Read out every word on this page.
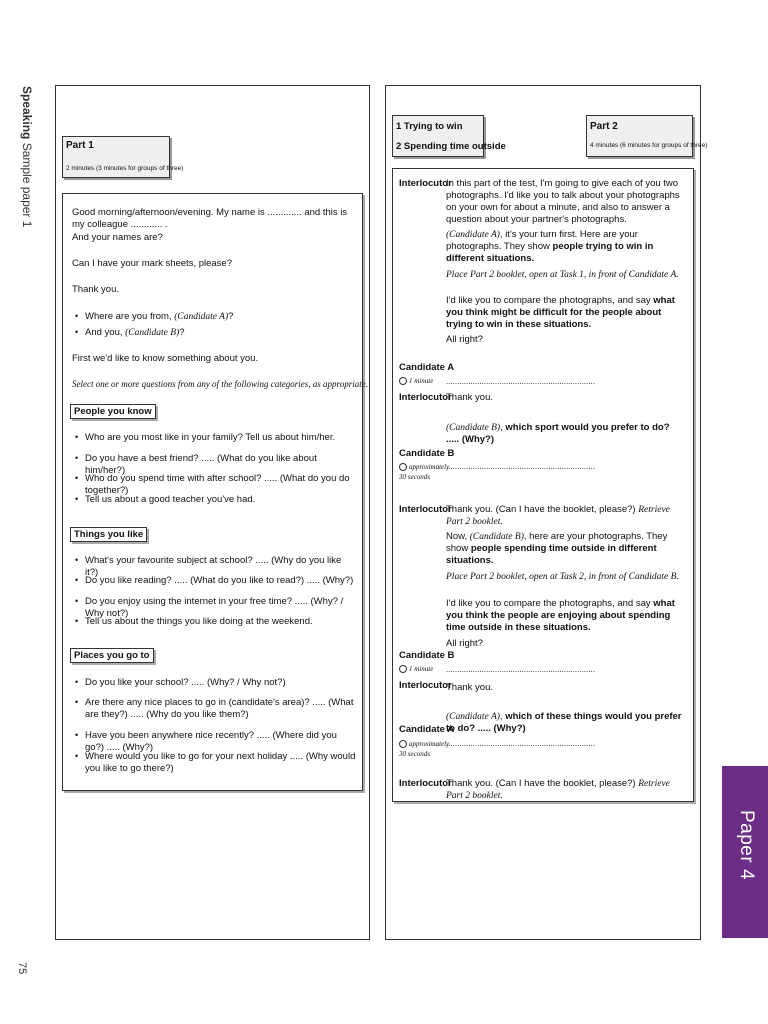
Speaking Sample paper 1
75
Paper 4
Part 1
2 minutes (3 minutes for groups of three)
Good morning/afternoon/evening. My name is ............. and this is my colleague ............ .
And your names are?
Can I have your mark sheets, please?
Thank you.
• Where are you from, (Candidate A)?
• And you, (Candidate B)?
First we'd like to know something about you.
Select one or more questions from any of the following categories, as appropriate.
People you know
• Who are you most like in your family? Tell us about him/her.
• Do you have a best friend? ..... (What do you like about him/her?)
• Who do you spend time with after school? ..... (What do you do together?)
• Tell us about a good teacher you've had.
Things you like
• What's your favourite subject at school? ..... (Why do you like it?)
• Do you like reading? ..... (What do you like to read?) ..... (Why?)
• Do you enjoy using the internet in your free time? ..... (Why? / Why not?)
• Tell us about the things you like doing at the weekend.
Places you go to
• Do you like your school? ..... (Why? / Why not?)
• Are there any nice places to go in (candidate's area)? ..... (What are they?) ..... (Why do you like them?)
• Have you been anywhere nice recently? ..... (Where did you go?) ..... (Why?)
• Where would you like to go for your next holiday ..... (Why would you like to go there?)
1 Trying to win
2 Spending time outside
Part 2
4 minutes (6 minutes for groups of three)
Interlocutor
In this part of the test, I'm going to give each of you two photographs. I'd like you to talk about your photographs on your own for about a minute, and also to answer a question about your partner's photographs.
(Candidate A), it's your turn first. Here are your photographs. They show people trying to win in different situations.
Place Part 2 booklet, open at Task 1, in front of Candidate A.
I'd like you to compare the photographs, and say what you think might be difficult for the people about trying to win in these situations.
All right?
Candidate A
1 minute ...................................................................
Interlocutor
Thank you.
(Candidate B), which sport would you prefer to do? ..... (Why?)
Candidate B
approximately
30 seconds
...................................................................
Interlocutor
Thank you. (Can I have the booklet, please?) Retrieve Part 2 booklet.
Now, (Candidate B), here are your photographs. They show people spending time outside in different situations.
Place Part 2 booklet, open at Task 2, in front of Candidate B.
I'd like you to compare the photographs, and say what you think the people are enjoying about spending time outside in these situations.
All right?
Candidate B
1 minute ...................................................................
Interlocutor
Thank you.
(Candidate A), which of these things would you prefer to do? ..... (Why?)
Candidate A
approximately
30 seconds
...................................................................
Interlocutor
Thank you. (Can I have the booklet, please?) Retrieve Part 2 booklet.
